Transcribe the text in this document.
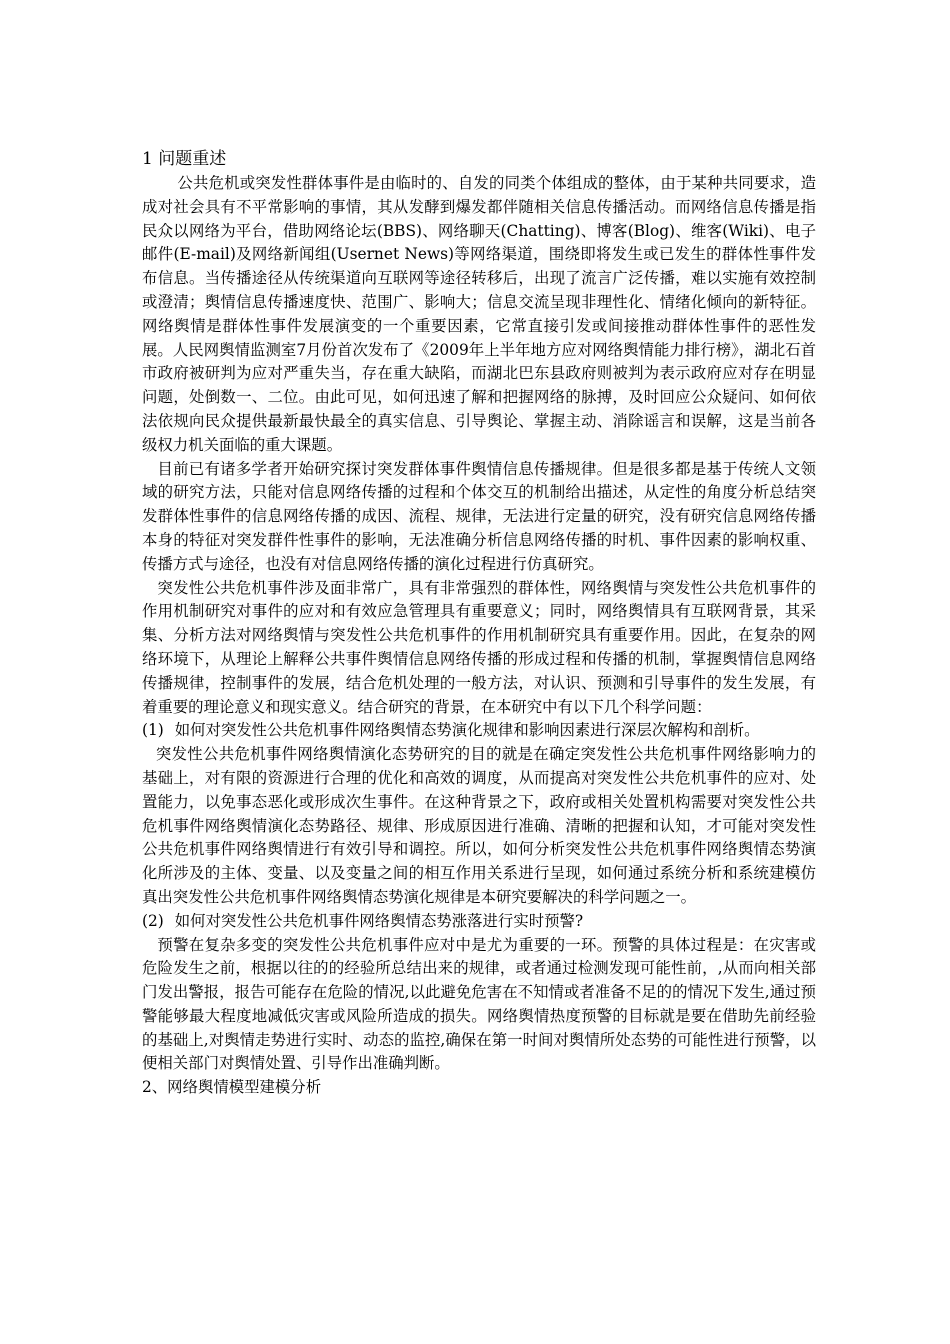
1 问题重述

公共危机或突发性群体事件是由临时的、自发的同类个体组成的整体，由于某种共同要求，造成对社会具有不平常影响的事情，其从发酵到爆发都伴随相关信息传播活动。而网络信息传播是指民众以网络为平台，借助网络论坛(BBS)、网络聊天(Chatting)、博客(Blog)、维客(Wiki)、电子邮件(E-mail)及网络新闻组(Usernet News)等网络渠道，围绕即将发生或已发生的群体性事件发布信息。当传播途径从传统渠道向互联网等途径转移后，出现了流言广泛传播，难以实施有效控制或澄清；舆情信息传播速度快、范围广、影响大；信息交流呈现非理性化、情绪化倾向的新特征。网络舆情是群体性事件发展演变的一个重要因素，它常直接引发或间接推动群体性事件的恶性发展。人民网舆情监测室7月份首次发布了《2009年上半年地方应对网络舆情能力排行榜》，湖北石首市政府被研判为应对严重失当，存在重大缺陷，而湖北巴东县政府则被判为表示政府应对存在明显问题，处倒数一、二位。由此可见，如何迅速了解和把握网络的脉搏，及时回应公众疑问、如何依法依规向民众提供最新最快最全的真实信息、引导舆论、掌握主动、消除谣言和误解，这是当前各级权力机关面临的重大课题。

目前已有诸多学者开始研究探讨突发群体事件舆情信息传播规律。但是很多都是基于传统人文领域的研究方法，只能对信息网络传播的过程和个体交互的机制给出描述，从定性的角度分析总结突发群体性事件的信息网络传播的成因、流程、规律，无法进行定量的研究，没有研究信息网络传播本身的特征对突发群件性事件的影响，无法准确分析信息网络传播的时机、事件因素的影响权重、传播方式与途径，也没有对信息网络传播的演化过程进行仿真研究。

突发性公共危机事件涉及面非常广，具有非常强烈的群体性，网络舆情与突发性公共危机事件的作用机制研究对事件的应对和有效应急管理具有重要意义；同时，网络舆情具有互联网背景，其采集、分析方法对网络舆情与突发性公共危机事件的作用机制研究具有重要作用。因此，在复杂的网络环境下，从理论上解释公共事件舆情信息网络传播的形成过程和传播的机制，掌握舆情信息网络传播规律，控制事件的发展，结合危机处理的一般方法，对认识、预测和引导事件的发生发展，有着重要的理论意义和现实意义。结合研究的背景，在本研究中有以下几个科学问题：

(1) 如何对突发性公共危机事件网络舆情态势演化规律和影响因素进行深层次解构和剖析。

突发性公共危机事件网络舆情演化态势研究的目的就是在确定突发性公共危机事件网络影响力的基础上，对有限的资源进行合理的优化和高效的调度，从而提高对突发性公共危机事件的应对、处置能力，以免事态恶化或形成次生事件。在这种背景之下，政府或相关处置机构需要对突发性公共危机事件网络舆情演化态势路径、规律、形成原因进行准确、清晰的把握和认知，才可能对突发性公共危机事件网络舆情进行有效引导和调控。所以，如何分析突发性公共危机事件网络舆情态势演化所涉及的主体、变量、以及变量之间的相互作用关系进行呈现，如何通过系统分析和系统建模仿真出突发性公共危机事件网络舆情态势演化规律是本研究要解决的科学问题之一。

(2) 如何对突发性公共危机事件网络舆情态势涨落进行实时预警?

预警在复杂多变的突发性公共危机事件应对中是尤为重要的一环。预警的具体过程是：在灾害或危险发生之前，根据以往的的经验所总结出来的规律，或者通过检测发现可能性前，,从而向相关部门发出警报，报告可能存在危险的情况,以此避免危害在不知情或者准备不足的的情况下发生,通过预警能够最大程度地减低灾害或风险所造成的损失。网络舆情热度预警的目标就是要在借助先前经验的基础上,对舆情走势进行实时、动态的监控,确保在第一时间对舆情所处态势的可能性进行预警，以便相关部门对舆情处置、引导作出准确判断。

2、网络舆情模型建模分析
